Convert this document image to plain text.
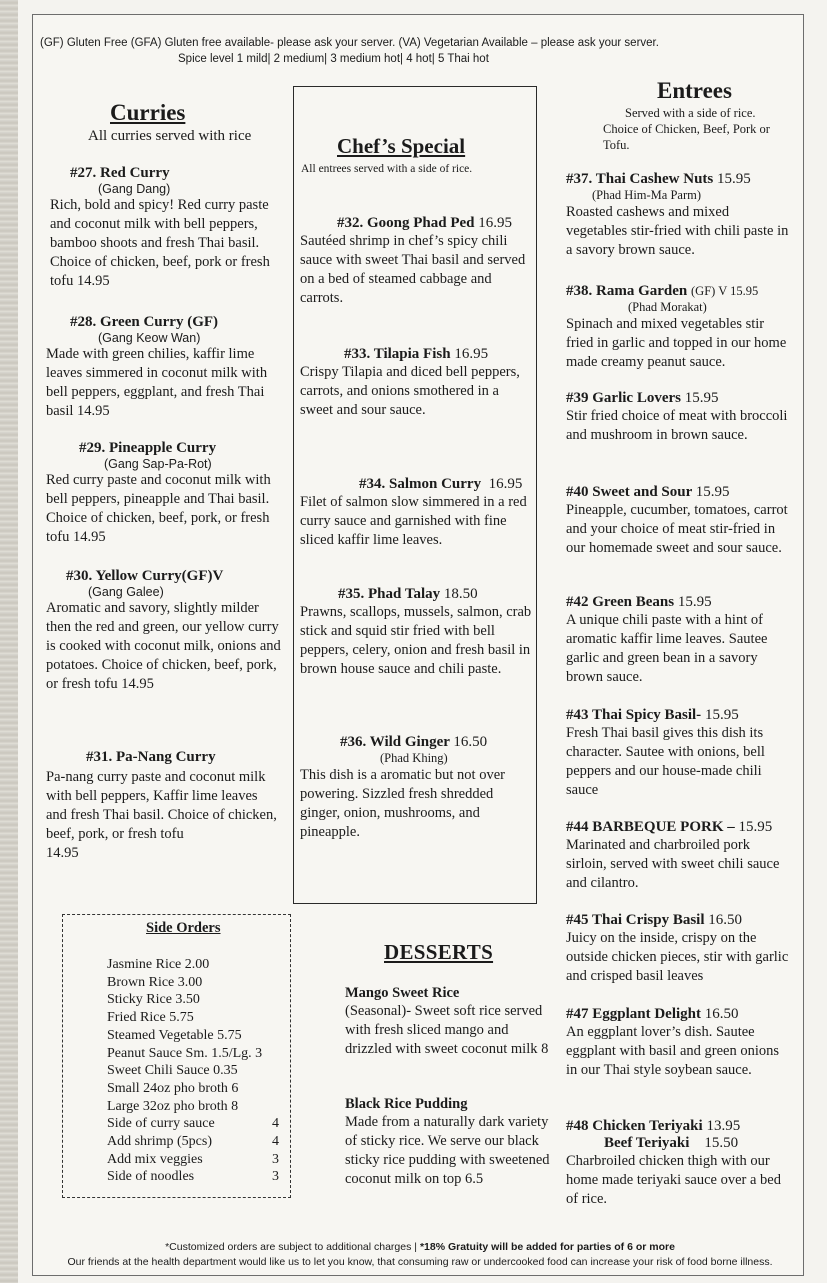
(GF) Gluten Free (GFA) Gluten free available- please ask your server. (VA) Vegetarian Available – please ask your server.
Spice level 1 mild| 2 medium| 3 medium hot| 4 hot| 5 Thai hot
Curries
All curries served with rice
#27. Red Curry
(Gang Dang)
Rich, bold and spicy! Red curry paste and coconut milk with bell peppers, bamboo shoots and fresh Thai basil. Choice of chicken, beef, pork or fresh tofu 14.95
#28. Green Curry (GF)
(Gang Keow Wan)
Made with green chilies, kaffir lime leaves simmered in coconut milk with bell peppers, eggplant, and fresh Thai basil 14.95
#29. Pineapple Curry
(Gang Sap-Pa-Rot)
Red curry paste and coconut milk with bell peppers, pineapple and Thai basil. Choice of chicken, beef, pork, or fresh tofu 14.95
#30. Yellow Curry(GF)V
(Gang Galee)
Aromatic and savory, slightly milder then the red and green, our yellow curry is cooked with coconut milk, onions and potatoes. Choice of chicken, beef, pork, or fresh tofu 14.95
#31. Pa-Nang Curry
Pa-nang curry paste and coconut milk with bell peppers, Kaffir lime leaves and fresh Thai basil. Choice of chicken, beef, pork, or fresh tofu
14.95
Chef’s Special
All entrees served with a side of rice.
#32. Goong Phad Ped 16.95
Sautéed shrimp in chef’s spicy chili sauce with sweet Thai basil and served on a bed of steamed cabbage and carrots.
#33. Tilapia Fish 16.95
Crispy Tilapia and diced bell peppers, carrots, and onions smothered in a sweet and sour sauce.
#34. Salmon Curry 16.95
Filet of salmon slow simmered in a red curry sauce and garnished with fine sliced kaffir lime leaves.
#35. Phad Talay 18.50
Prawns, scallops, mussels, salmon, crab stick and squid stir fried with bell peppers, celery, onion and fresh basil in brown house sauce and chili paste.
#36. Wild Ginger 16.50
(Phad Khing)
This dish is a aromatic but not over powering. Sizzled fresh shredded ginger, onion, mushrooms, and pineapple.
Entrees
Served with a side of rice.
Choice of Chicken, Beef, Pork or Tofu.
#37. Thai Cashew Nuts 15.95
(Phad Him-Ma Parm)
Roasted cashews and mixed vegetables stir-fried with chili paste in a savory brown sauce.
#38. Rama Garden (GF) V 15.95
(Phad Morakat)
Spinach and mixed vegetables stir fried in garlic and topped in our home made creamy peanut sauce.
#39 Garlic Lovers 15.95
Stir fried choice of meat with broccoli and mushroom in brown sauce.
#40 Sweet and Sour 15.95
Pineapple, cucumber, tomatoes, carrot and your choice of meat stir-fried in our homemade sweet and sour sauce.
#42 Green Beans 15.95
A unique chili paste with a hint of aromatic kaffir lime leaves. Sautee garlic and green bean in a savory brown sauce.
#43 Thai Spicy Basil- 15.95
Fresh Thai basil gives this dish its character. Sautee with onions, bell peppers and our house-made chili sauce
#44 BARBEQUE PORK – 15.95
Marinated and charbroiled pork sirloin, served with sweet chili sauce and cilantro.
#45 Thai Crispy Basil 16.50
Juicy on the inside, crispy on the outside chicken pieces, stir with garlic and crisped basil leaves
#47 Eggplant Delight 16.50
An eggplant lover’s dish. Sautee eggplant with basil and green onions in our Thai style soybean sauce.
#48 Chicken Teriyaki 13.95
Beef Teriyaki 15.50
Charbroiled chicken thigh with our home made teriyaki sauce over a bed of rice.
Side Orders
Jasmine Rice 2.00
Brown Rice 3.00
Sticky Rice 3.50
Fried Rice 5.75
Steamed Vegetable 5.75
Peanut Sauce Sm. 1.5/Lg. 3
Sweet Chili Sauce 0.35
Small 24oz pho broth 6
Large 32oz pho broth 8
Side of curry sauce	4
Add shrimp (5pcs)	4
Add mix veggies	3
Side of noodles	3
DESSERTS
Mango Sweet Rice
(Seasonal)- Sweet soft rice served with fresh sliced mango and drizzled with sweet coconut milk 8
Black Rice Pudding
Made from a naturally dark variety of sticky rice. We serve our black sticky rice pudding with sweetened coconut milk on top 6.5
*Customized orders are subject to additional charges | *18% Gratuity will be added for parties of 6 or more
Our friends at the health department would like us to let you know, that consuming raw or undercooked food can increase your risk of food borne illness.
